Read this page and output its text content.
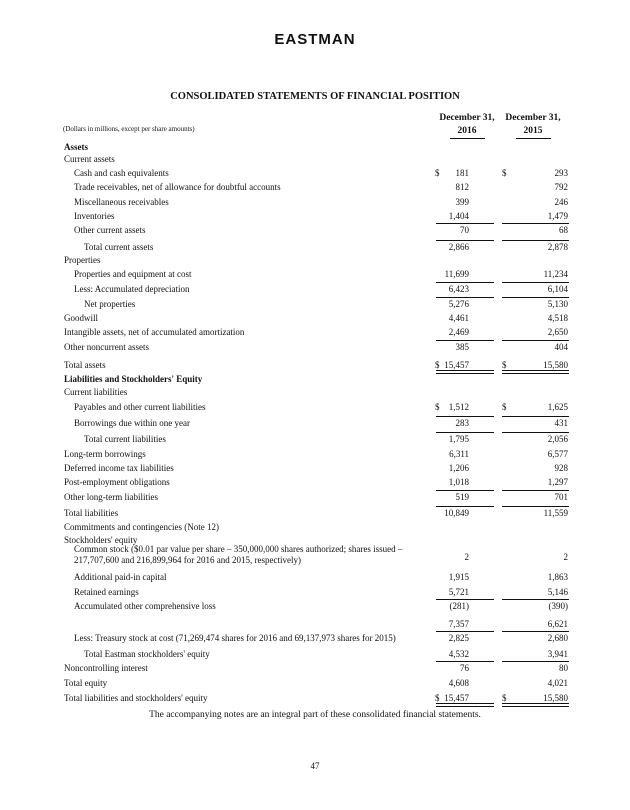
EASTMAN
CONSOLIDATED STATEMENTS OF FINANCIAL POSITION
December 31,
2016
December 31,
2015
(Dollars in millions, except per share amounts)
Assets
Current assets
Cash and cash equivalents	$	181	$	293
Trade receivables, net of allowance for doubtful accounts	812	792
Miscellaneous receivables	399	246
Inventories	1,404	1,479
Other current assets	70	68
Total current assets	2,866	2,878
Properties
Properties and equipment at cost	11,699	11,234
Less: Accumulated depreciation	6,423	6,104
Net properties	5,276	5,130
Goodwill	4,461	4,518
Intangible assets, net of accumulated amortization	2,469	2,650
Other noncurrent assets	385	404
Total assets	$ 15,457	$	15,580
Liabilities and Stockholders' Equity
Current liabilities
Payables and other current liabilities	$	1,512	$	1,625
Borrowings due within one year	283	431
Total current liabilities	1,795	2,056
Long-term borrowings	6,311	6,577
Deferred income tax liabilities	1,206	928
Post-employment obligations	1,018	1,297
Other long-term liabilities	519	701
Total liabilities	10,849	11,559
Commitments and contingencies (Note 12)
Stockholders' equity
Common stock ($0.01 par value per share – 350,000,000 shares authorized; shares issued – 217,707,600 and 216,899,964 for 2016 and 2015, respectively)	2	2
Additional paid-in capital	1,915	1,863
Retained earnings	5,721	5,146
Accumulated other comprehensive loss	(281)	(390)
7,357	6,621
Less: Treasury stock at cost (71,269,474 shares for 2016 and 69,137,973 shares for 2015)	2,825	2,680
Total Eastman stockholders' equity	4,532	3,941
Noncontrolling interest	76	80
Total equity	4,608	4,021
Total liabilities and stockholders' equity	$ 15,457	$	15,580
The accompanying notes are an integral part of these consolidated financial statements.
47
